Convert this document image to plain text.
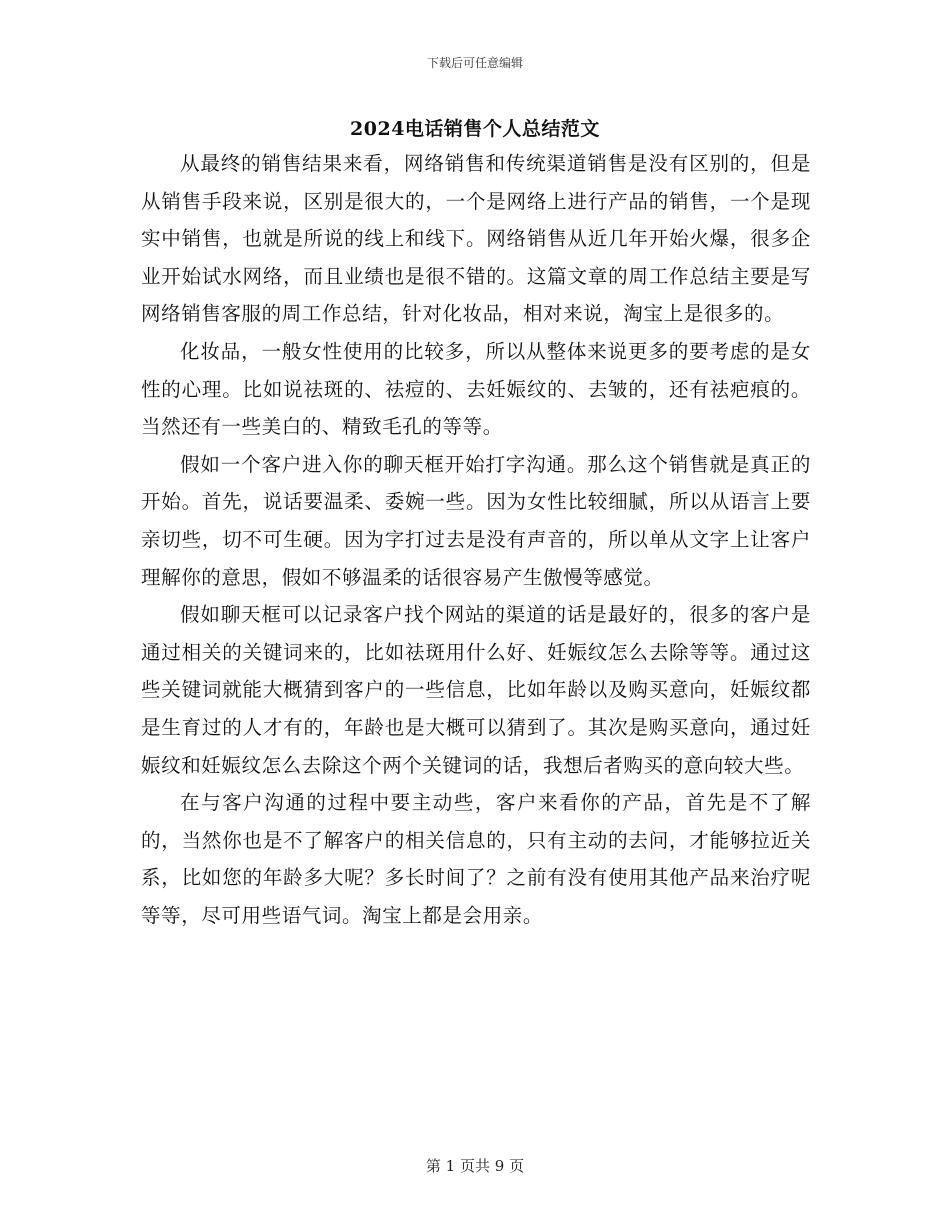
下载后可任意编辑
2024电话销售个人总结范文

从最终的销售结果来看，网络销售和传统渠道销售是没有区别的，但是从销售手段来说，区别是很大的，一个是网络上进行产品的销售，一个是现实中销售，也就是所说的线上和线下。网络销售从近几年开始火爆，很多企业开始试水网络，而且业绩也是很不错的。这篇文章的周工作总结主要是写网络销售客服的周工作总结，针对化妆品，相对来说，淘宝上是很多的。

化妆品，一般女性使用的比较多，所以从整体来说更多的要考虑的是女性的心理。比如说祛斑的、祛痘的、去妊娠纹的、去皱的，还有祛疤痕的。当然还有一些美白的、精致毛孔的等等。

假如一个客户进入你的聊天框开始打字沟通。那么这个销售就是真正的开始。首先，说话要温柔、委婉一些。因为女性比较细腻，所以从语言上要亲切些，切不可生硬。因为字打过去是没有声音的，所以单从文字上让客户理解你的意思，假如不够温柔的话很容易产生傲慢等感觉。

假如聊天框可以记录客户找个网站的渠道的话是最好的，很多的客户是通过相关的关键词来的，比如祛斑用什么好、妊娠纹怎么去除等等。通过这些关键词就能大概猜到客户的一些信息，比如年龄以及购买意向，妊娠纹都是生育过的人才有的，年龄也是大概可以猜到了。其次是购买意向，通过妊娠纹和妊娠纹怎么去除这个两个关键词的话，我想后者购买的意向较大些。

在与客户沟通的过程中要主动些，客户来看你的产品，首先是不了解的，当然你也是不了解客户的相关信息的，只有主动的去问，才能够拉近关系，比如您的年龄多大呢？多长时间了？之前有没有使用其他产品来治疗呢等等，尽可用些语气词。淘宝上都是会用亲。

第 1 页共 9 页
